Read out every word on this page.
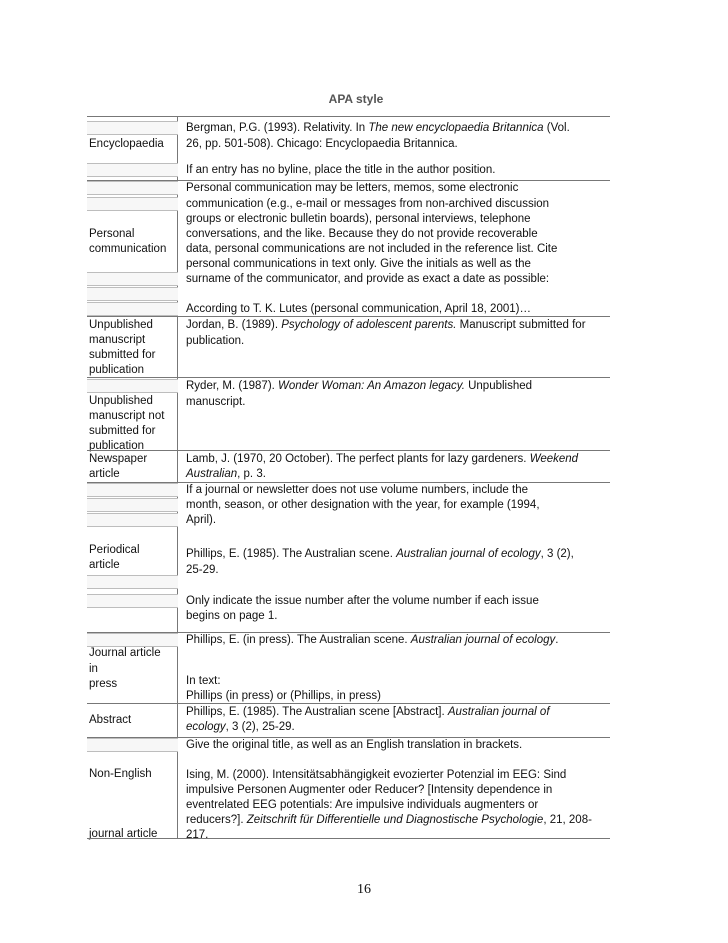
APA style
Encyclopaedia
Bergman, P.G. (1993). Relativity. In The new encyclopaedia Britannica (Vol.
26, pp. 501-508). Chicago: Encyclopaedia Britannica.
If an entry has no byline, place the title in the author position.
Personal
communication
Personal communication may be letters, memos, some electronic
communication (e.g., e-mail or messages from non-archived discussion
groups or electronic bulletin boards), personal interviews, telephone
conversations, and the like. Because they do not provide recoverable
data, personal communications are not included in the reference list. Cite
personal communications in text only. Give the initials as well as the
surname of the communicator, and provide as exact a date as possible:
According to T. K. Lutes (personal communication, April 18, 2001)…
Unpublished
manuscript
submitted for
publication
Jordan, B. (1989). Psychology of adolescent parents. Manuscript submitted for
publication.
Unpublished
manuscript not
submitted for
publication
Ryder, M. (1987). Wonder Woman: An Amazon legacy. Unpublished
manuscript.
Newspaper
article
Lamb, J. (1970, 20 October). The perfect plants for lazy gardeners. Weekend
Australian, p. 3.
Periodical
article
If a journal or newsletter does not use volume numbers, include the
month, season, or other designation with the year, for example (1994,
April).
Phillips, E. (1985). The Australian scene. Australian journal of ecology, 3 (2),
25-29.
Only indicate the issue number after the volume number if each issue
begins on page 1.
Journal article
in
press
Phillips, E. (in press). The Australian scene. Australian journal of ecology.
In text:
Phillips (in press) or (Phillips, in press)
Abstract
Phillips, E. (1985). The Australian scene [Abstract]. Australian journal of
ecology, 3 (2), 25-29.
Non-English
journal article
Give the original title, as well as an English translation in brackets.
Ising, M. (2000). Intensitätsabhängigkeit evozierter Potenzial im EEG: Sind
impulsive Personen Augmenter oder Reducer? [Intensity dependence in
eventrelated EEG potentials: Are impulsive individuals augmenters or
reducers?]. Zeitschrift für Differentielle und Diagnostische Psychologie, 21, 208-
217.
16
